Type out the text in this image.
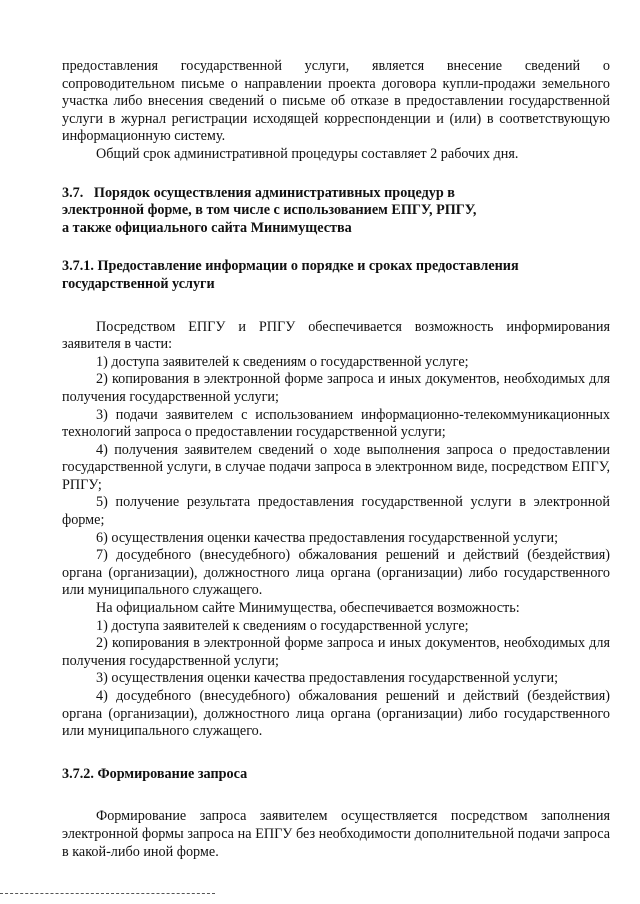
предоставления государственной услуги, является внесение сведений о сопроводительном письме о направлении проекта договора купли-продажи земельного участка либо внесения сведений о письме об отказе в предоставлении государственной услуги в журнал регистрации исходящей корреспонденции и (или) в соответствующую информационную систему.

Общий срок административной процедуры составляет 2 рабочих дня.

3.7.   Порядок осуществления административных процедур в

электронной форме, в том числе с использованием ЕПГУ, РПГУ,

а также официального сайта Минимущества

3.7.1. Предоставление информации о порядке и сроках предоставления

государственной услуги

Посредством ЕПГУ и РПГУ обеспечивается возможность информирования заявителя в части:

1) доступа заявителей к сведениям о государственной услуге;

2) копирования в электронной форме запроса и иных документов, необходимых для получения государственной услуги;

3) подачи заявителем с использованием информационно-телекоммуникационных технологий запроса о предоставлении государственной услуги;

4) получения заявителем сведений о ходе выполнения запроса о предоставлении государственной услуги, в случае подачи запроса в электронном виде, посредством ЕПГУ, РПГУ;

5) получение результата предоставления государственной услуги в электронной форме;

6) осуществления оценки качества предоставления государственной услуги;

7) досудебного (внесудебного) обжалования решений и действий (бездействия) органа (организации), должностного лица органа (организации) либо государственного или муниципального служащего.

На официальном сайте Минимущества, обеспечивается возможность:

1) доступа заявителей к сведениям о государственной услуге;

2) копирования в электронной форме запроса и иных документов, необходимых для получения государственной услуги;

3) осуществления оценки качества предоставления государственной услуги;

4) досудебного (внесудебного) обжалования решений и действий (бездействия) органа (организации), должностного лица органа (организации) либо государственного или муниципального служащего.

3.7.2. Формирование запроса

Формирование запроса заявителем осуществляется посредством заполнения электронной формы запроса на ЕПГУ без необходимости дополнительной подачи запроса в какой-либо иной форме.
